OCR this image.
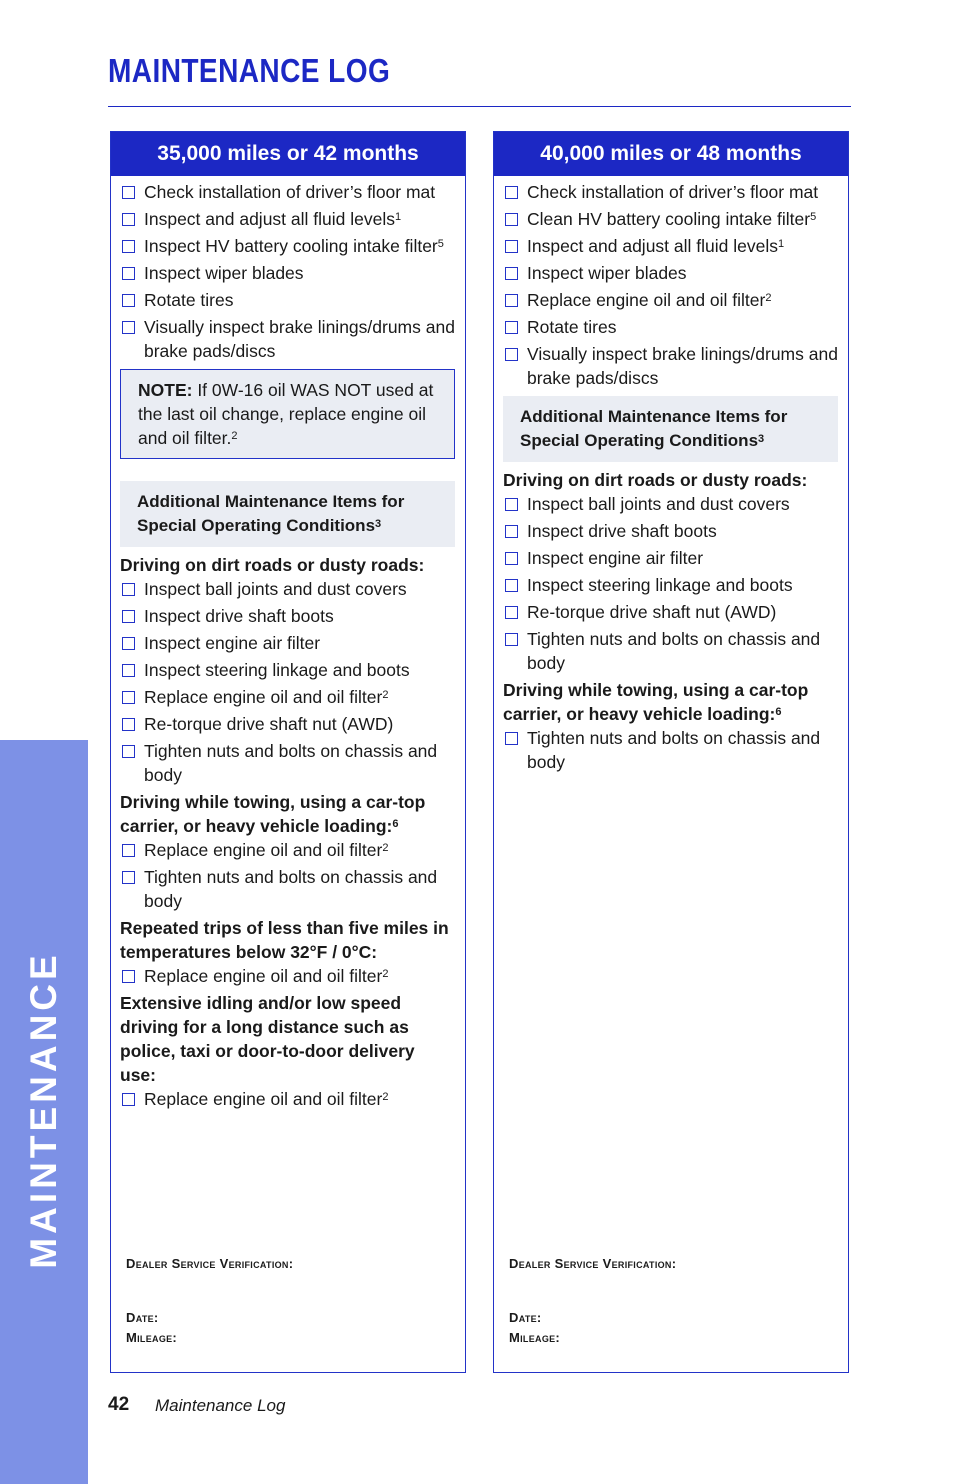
MAINTENANCE
MAINTENANCE LOG
35,000 miles or 42 months
Check installation of driver’s floor mat
Inspect and adjust all fluid levels$^1$
Inspect HV battery cooling intake filter$^5$
Inspect wiper blades
Rotate tires
Visually inspect brake linings/drums and brake pads/discs
NOTE: If 0W-16 oil WAS NOT used at the last oil change, replace engine oil and oil filter.$^2$
Additional Maintenance Items for Special Operating Conditions$^3$
Driving on dirt roads or dusty roads:
Inspect ball joints and dust covers
Inspect drive shaft boots
Inspect engine air filter
Inspect steering linkage and boots
Replace engine oil and oil filter$^2$
Re-torque drive shaft nut (AWD)
Tighten nuts and bolts on chassis and body
Driving while towing, using a car-top carrier, or heavy vehicle loading:$^6$
Replace engine oil and oil filter$^2$
Tighten nuts and bolts on chassis and body
Repeated trips of less than five miles in temperatures below 32°F / 0°C:
Replace engine oil and oil filter$^2$
Extensive idling and/or low speed driving for a long distance such as police, taxi or door-to-door delivery use:
Replace engine oil and oil filter$^2$
Dealer Service Verification:
Date:
Mileage:
40,000 miles or 48 months
Check installation of driver’s floor mat
Clean HV battery cooling intake filter$^5$
Inspect and adjust all fluid levels$^1$
Inspect wiper blades
Replace engine oil and oil filter$^2$
Rotate tires
Visually inspect brake linings/drums and brake pads/discs
Additional Maintenance Items for Special Operating Conditions$^3$
Driving on dirt roads or dusty roads:
Inspect ball joints and dust covers
Inspect drive shaft boots
Inspect engine air filter
Inspect steering linkage and boots
Re-torque drive shaft nut (AWD)
Tighten nuts and bolts on chassis and body
Driving while towing, using a car-top carrier, or heavy vehicle loading:$^6$
Tighten nuts and bolts on chassis and body
Dealer Service Verification:
Date:
Mileage:
42 Maintenance Log
